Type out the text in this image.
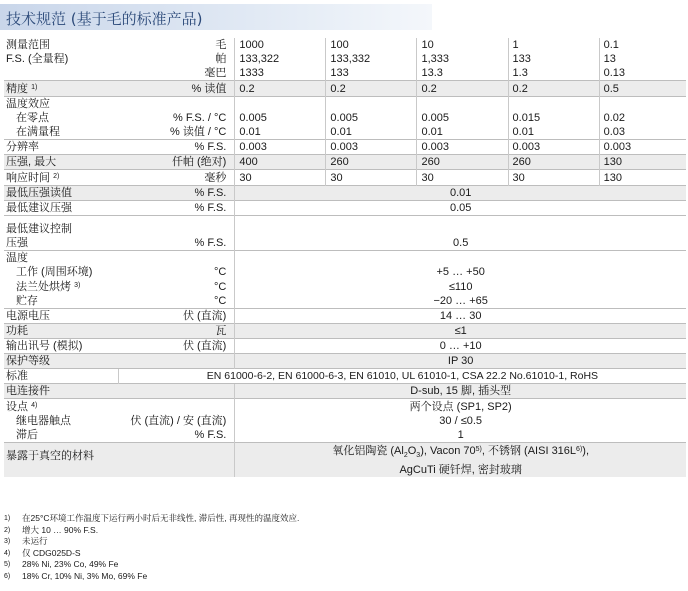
技术规范 (基于毛的标准产品)
测量范围	毛	1000	100	10	1	0.1
F.S. (全量程)	帕	133,322	133,332	1,333	133	13
	毫巴	1333	133	13.3	1.3	0.13
精度 $^{1)}$	% 读值	0.2	0.2	0.2	0.2	0.5
温度效应						
在零点	% F.S. / °C	0.005	0.005	0.005	0.015	0.02
在满量程	% 读值 / °C	0.01	0.01	0.01	0.01	0.03
分辨率	% F.S.	0.003	0.003	0.003	0.003	0.003
压强, 最大	仟帕 (绝对)	400	260	260	260	130
响应时间 $^{2)}$	毫秒	30	30	30	30	130
最低压强读值	% F.S.	0.01				
最低建议压强	% F.S.	0.05				

最低建议控制						
压强	% F.S.	0.5				
温度						
工作 (周围环境)	°C	+5 … +50				
法兰处烘烤 $^{3)}$	°C	≤110				
贮存	°C	−20 … +65				
电源电压	伏 (直流)	14 … 30				
功耗	瓦	≤1				
输出讯号 (模拟)	伏 (直流)	0 … +10				
保护等级		IP 30				
标准	EN 61000-6-2, EN 61000-6-3, EN 61010, UL 61010-1, CSA 22.2 No.61010-1, RoHS					
电连接件		D-sub, 15 脚, 插头型				
设点 $^{4)}$		两个设点 (SP1, SP2)				
继电器触点	伏 (直流) / 安 (直流)	30 / ≤0.5				
滞后	% F.S.	1				
暴露于真空的材料		氧化铝陶瓷 $(Al_2O_3)$, Vacon 70$^{5)}$, 不锈钢 (AISI $316L^{6)}$),				
		AgCuTi 硬钎焊, 密封玻璃				
1)	在25°C环境工作温度下运行两小时后无非线性, 滞后性, 再现性的温度效应.
2)	增大 10 … 90% F.S.
3)	未运行
4)	仅 CDG025D-S
5)	28% Ni, 23% Co, 49% Fe
6)	18% Cr, 10% Ni, 3% Mo, 69% Fe
